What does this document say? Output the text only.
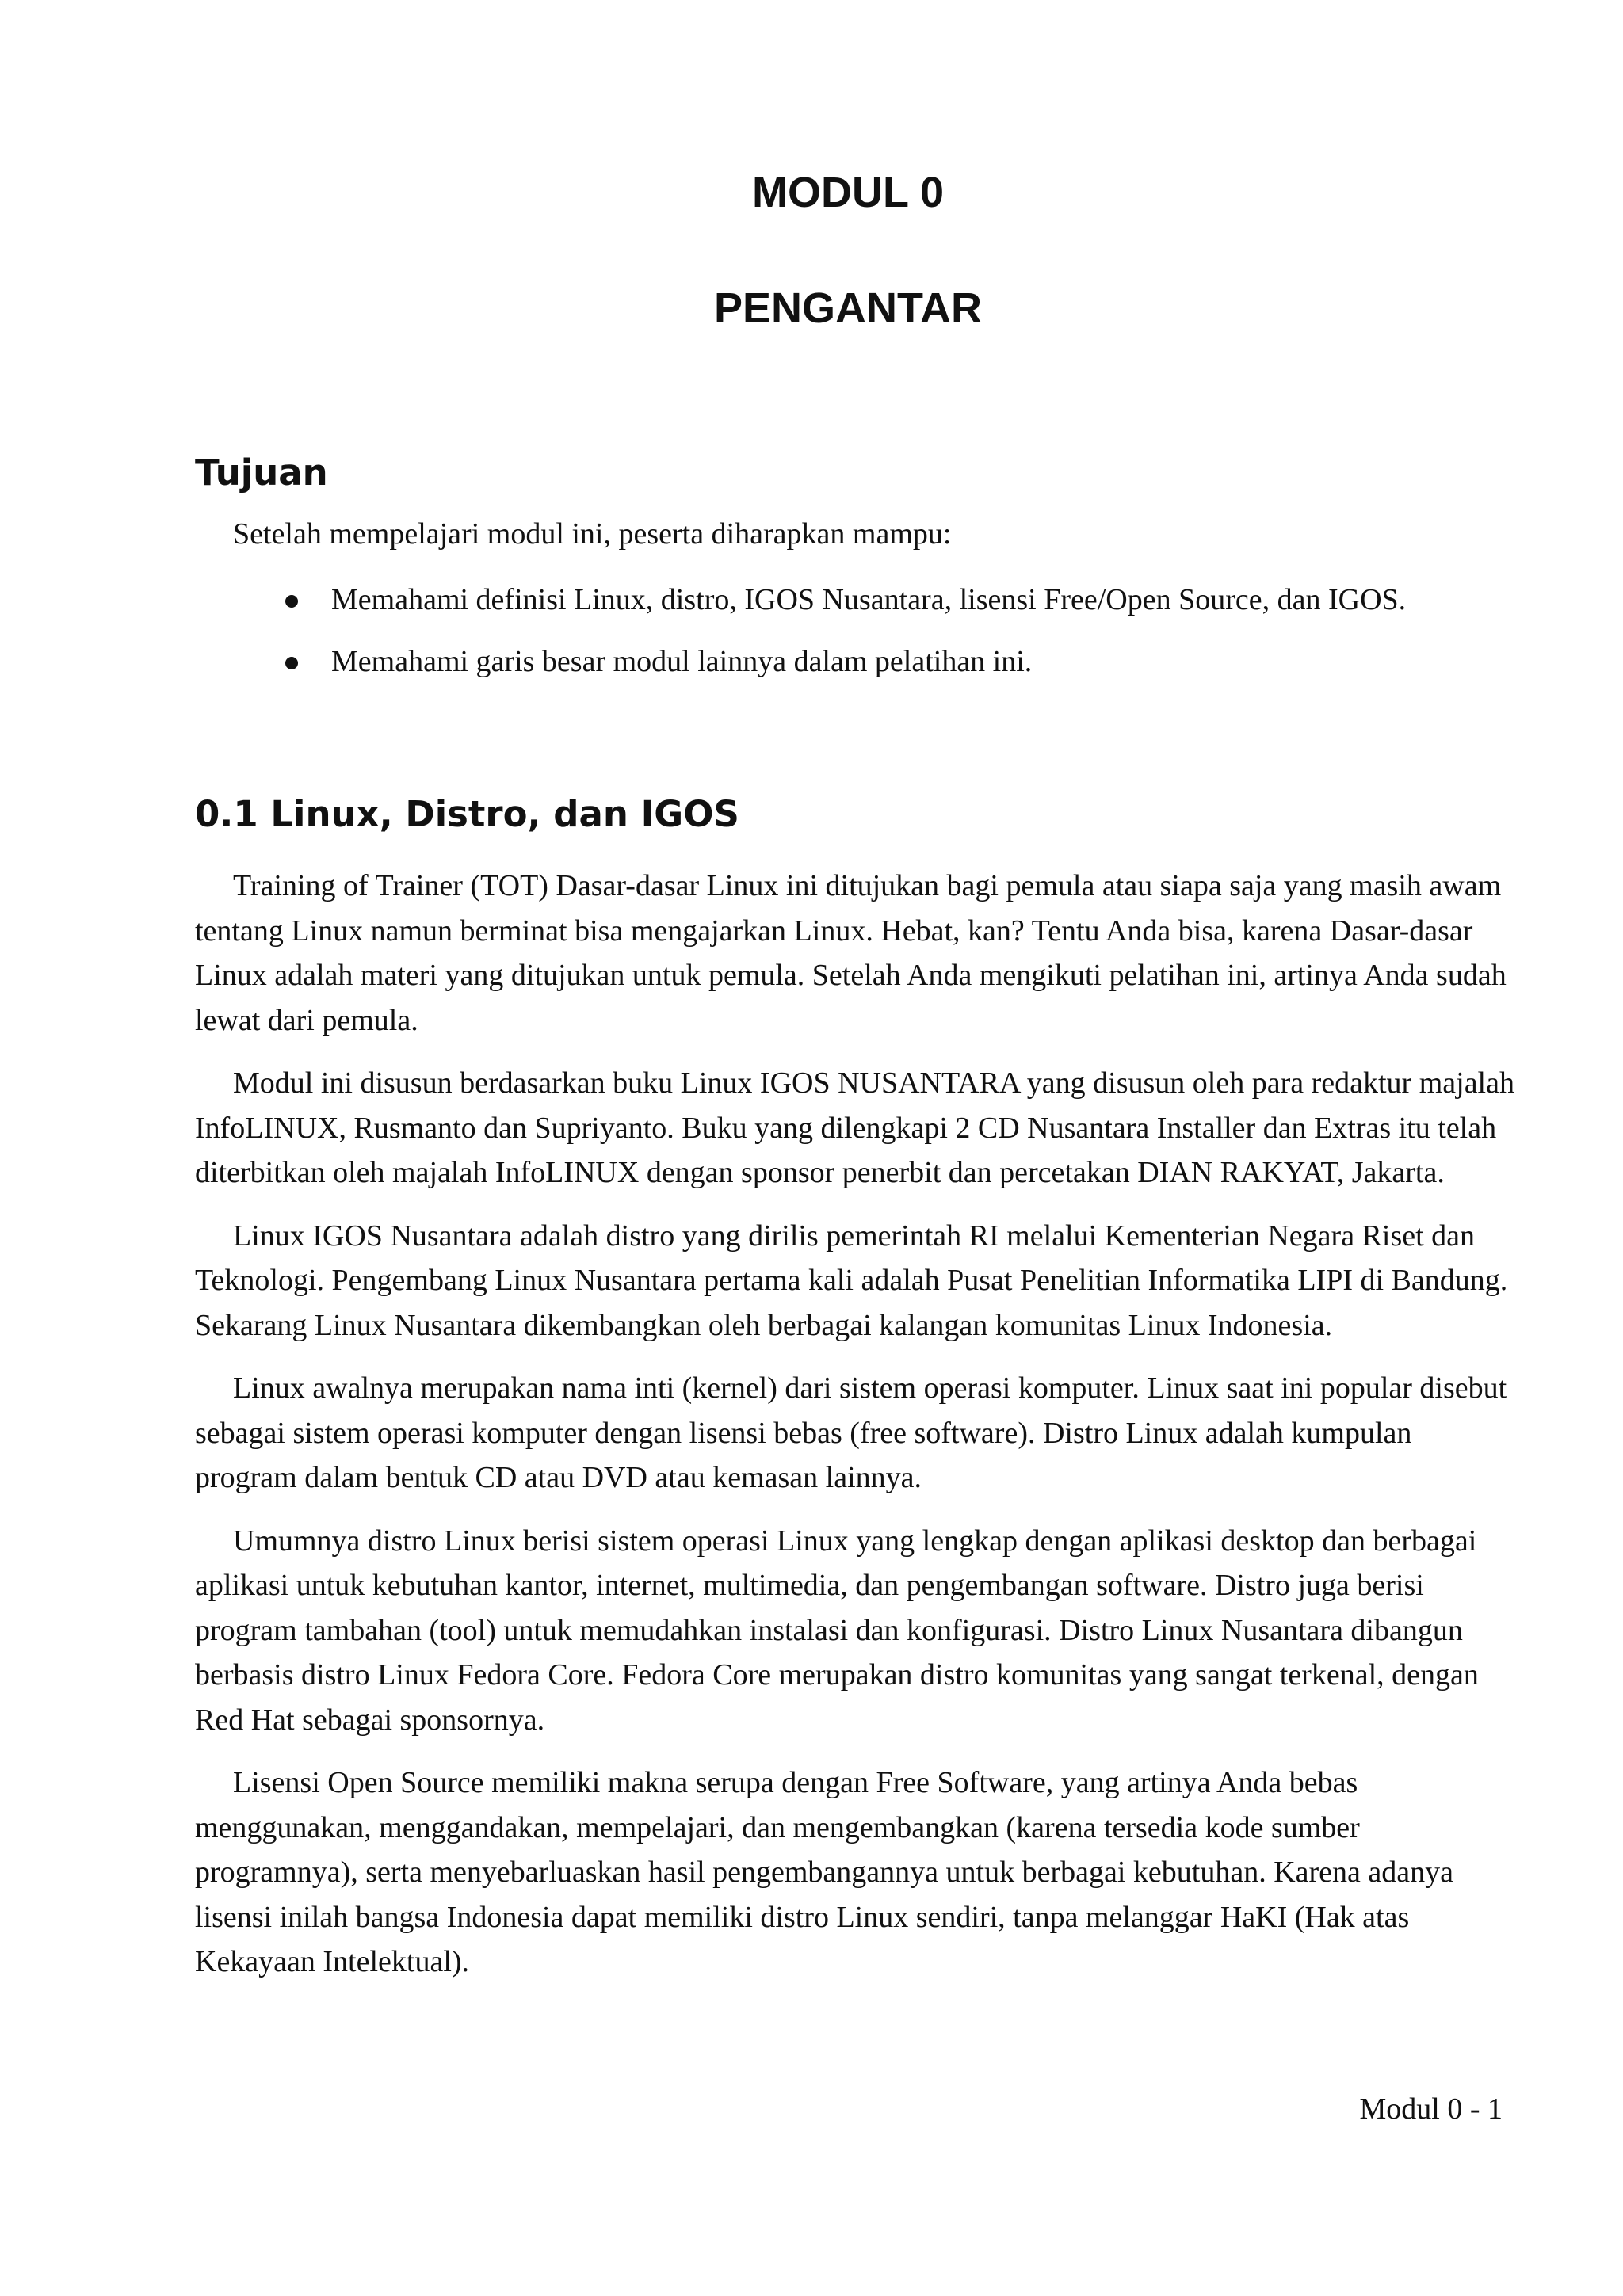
MODUL 0
PENGANTAR
Tujuan

Setelah mempelajari modul ini, peserta diharapkan mampu:

Memahami definisi Linux, distro, IGOS Nusantara, lisensi Free/Open Source, dan IGOS.
Memahami garis besar modul lainnya dalam pelatihan ini.
0.1 Linux, Distro, dan IGOS

Training of Trainer (TOT) Dasar-dasar Linux ini ditujukan bagi pemula atau siapa saja yang masih awam tentang Linux namun berminat bisa mengajarkan Linux. Hebat, kan? Tentu Anda bisa, karena Dasar-dasar Linux adalah materi yang ditujukan untuk pemula. Setelah Anda mengikuti pelatihan ini, artinya Anda sudah lewat dari pemula.

Modul ini disusun berdasarkan buku Linux IGOS NUSANTARA yang disusun oleh para redaktur majalah InfoLINUX, Rusmanto dan Supriyanto. Buku yang dilengkapi 2 CD Nusantara Installer dan Extras itu telah diterbitkan oleh majalah InfoLINUX dengan sponsor penerbit dan percetakan DIAN RAKYAT, Jakarta.

Linux IGOS Nusantara adalah distro yang dirilis pemerintah RI melalui Kementerian Negara Riset dan Teknologi. Pengembang Linux Nusantara pertama kali adalah Pusat Penelitian Informatika LIPI di Bandung. Sekarang Linux Nusantara dikembangkan oleh berbagai kalangan komunitas Linux Indonesia.

Linux awalnya merupakan nama inti (kernel) dari sistem operasi komputer. Linux saat ini popular disebut sebagai sistem operasi komputer dengan lisensi bebas (free software). Distro Linux adalah kumpulan program dalam bentuk CD atau DVD atau kemasan lainnya.

Umumnya distro Linux berisi sistem operasi Linux yang lengkap dengan aplikasi desktop dan berbagai aplikasi untuk kebutuhan kantor, internet, multimedia, dan pengembangan software. Distro juga berisi program tambahan (tool) untuk memudahkan instalasi dan konfigurasi. Distro Linux Nusantara dibangun berbasis distro Linux Fedora Core. Fedora Core merupakan distro komunitas yang sangat terkenal, dengan Red Hat sebagai sponsornya.

Lisensi Open Source memiliki makna serupa dengan Free Software, yang artinya Anda bebas menggunakan, menggandakan, mempelajari, dan mengembangkan (karena tersedia kode sumber programnya), serta menyebarluaskan hasil pengembangannya untuk berbagai kebutuhan. Karena adanya lisensi inilah bangsa Indonesia dapat memiliki distro Linux sendiri, tanpa melanggar HaKI (Hak atas Kekayaan Intelektual).

Modul 0 - 1
